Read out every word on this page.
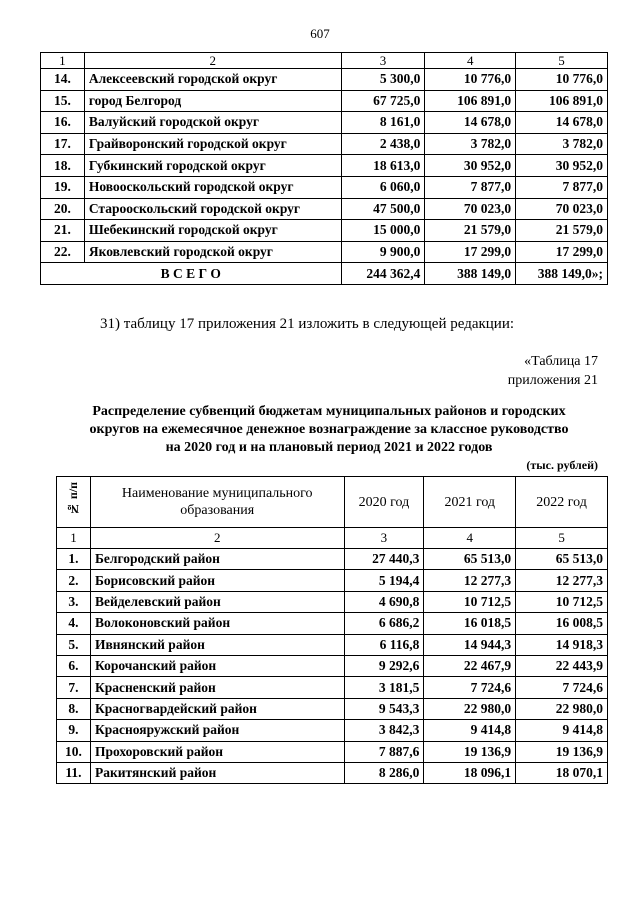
607
1	2	3	4	5
14.	Алексеевский городской округ	5 300,0	10 776,0	10 776,0
15.	город Белгород	67 725,0	106 891,0	106 891,0
16.	Валуйский городской округ	8 161,0	14 678,0	14 678,0
17.	Грайворонский городской округ	2 438,0	3 782,0	3 782,0
18.	Губкинский городской округ	18 613,0	30 952,0	30 952,0
19.	Новооскольский городской округ	6 060,0	7 877,0	7 877,0
20.	Старооскольский городской округ	47 500,0	70 023,0	70 023,0
21.	Шебекинский городской округ	15 000,0	21 579,0	21 579,0
22.	Яковлевский городской округ	9 900,0	17 299,0	17 299,0
В С Е Г О		244 362,4	388 149,0	388 149,0»;
31) таблицу 17 приложения 21 изложить в следующей редакции:
«Таблица 17
приложения 21
Распределение субвенций бюджетам муниципальных районов и городских
округов на ежемесячное денежное вознаграждение за классное руководство
на 2020 год и на плановый период 2021 и 2022 годов
(тыс. рублей)
№ п/п	Наименование муниципального образования	2020 год	2021 год	2022 год
1	2	3	4	5
1.	Белгородский район	27 440,3	65 513,0	65 513,0
2.	Борисовский район	5 194,4	12 277,3	12 277,3
3.	Вейделевский район	4 690,8	10 712,5	10 712,5
4.	Волоконовский район	6 686,2	16 018,5	16 008,5
5.	Ивнянский район	6 116,8	14 944,3	14 918,3
6.	Корочанский район	9 292,6	22 467,9	22 443,9
7.	Красненский район	3 181,5	7 724,6	7 724,6
8.	Красногвардейский район	9 543,3	22 980,0	22 980,0
9.	Краснояружский район	3 842,3	9 414,8	9 414,8
10.	Прохоровский район	7 887,6	19 136,9	19 136,9
11.	Ракитянский район	8 286,0	18 096,1	18 070,1
